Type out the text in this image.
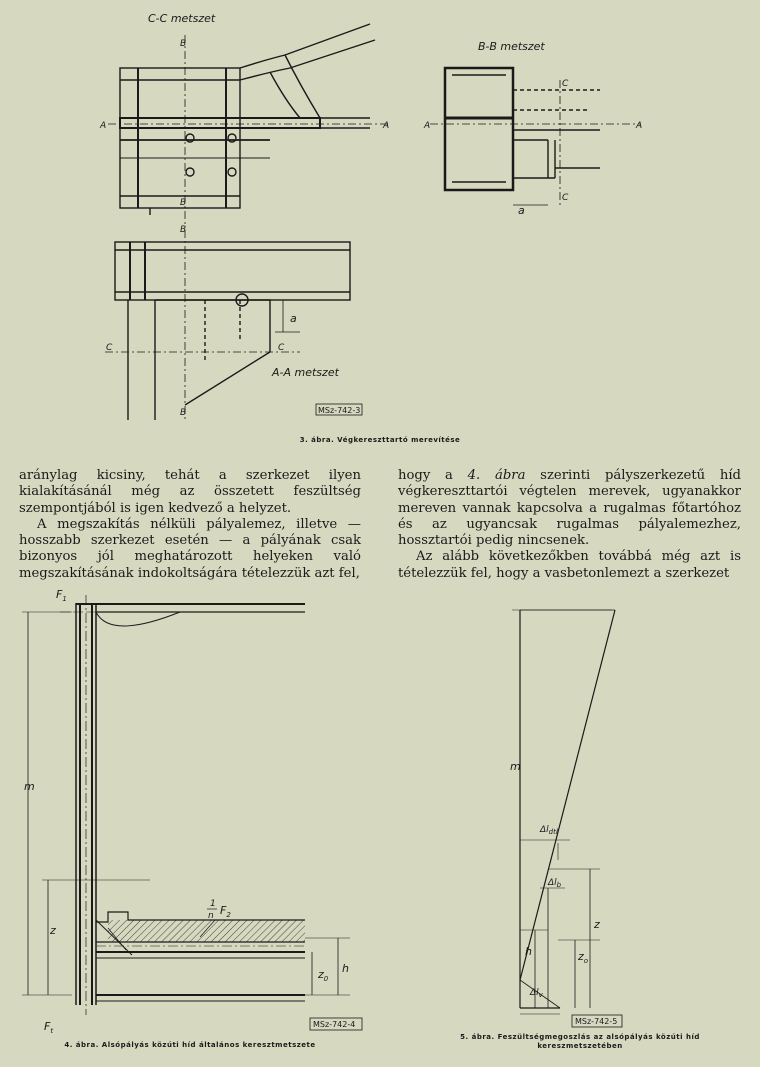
C-C metszet
B-B metszet
A-A metszet
B
B
B
B
A	A	A	A
C
C
C	C
a
a
MSz-742-3
3. ábra. Végkereszttartó merevítése

aránylag kicsiny, tehát a szerkezet ilyen kialakításánál még az összetett feszültség szempontjából is igen kedvező a helyzet.

A megszakítás nélküli pályalemez, illetve — hosszabb szerkezet esetén — a pályának csak bizonyos jól meghatározott helyeken való megszakításának indokoltságára tételezzük azt fel,

hogy a 4. ábra szerinti pályszerkezetű híd végkereszttartói végtelen merevek, ugyanakkor mereven vannak kapcsolva a rugalmas főtartóhoz és az ugyancsak rugalmas pályalemezhez, hossztartói pedig nincsenek.

Az alább következőkben továbbá még azt is tételezzük fel, hogy a vasbetonlemezt a szerkezet

$F_1$
m
z
h
$z_0$
1
n $F_2$
$F_t$
MSz-742-4
4. ábra. Alsópályás közúti híd általános keresztmetszete
m
$\Delta l_{dtl}$
$\Delta l_b$
z
h	$z_o$
$\Delta l_v$
MSz-742-5
5. ábra. Feszültségmegoszlás az alsópályás közúti híd
kereszmetszetében
